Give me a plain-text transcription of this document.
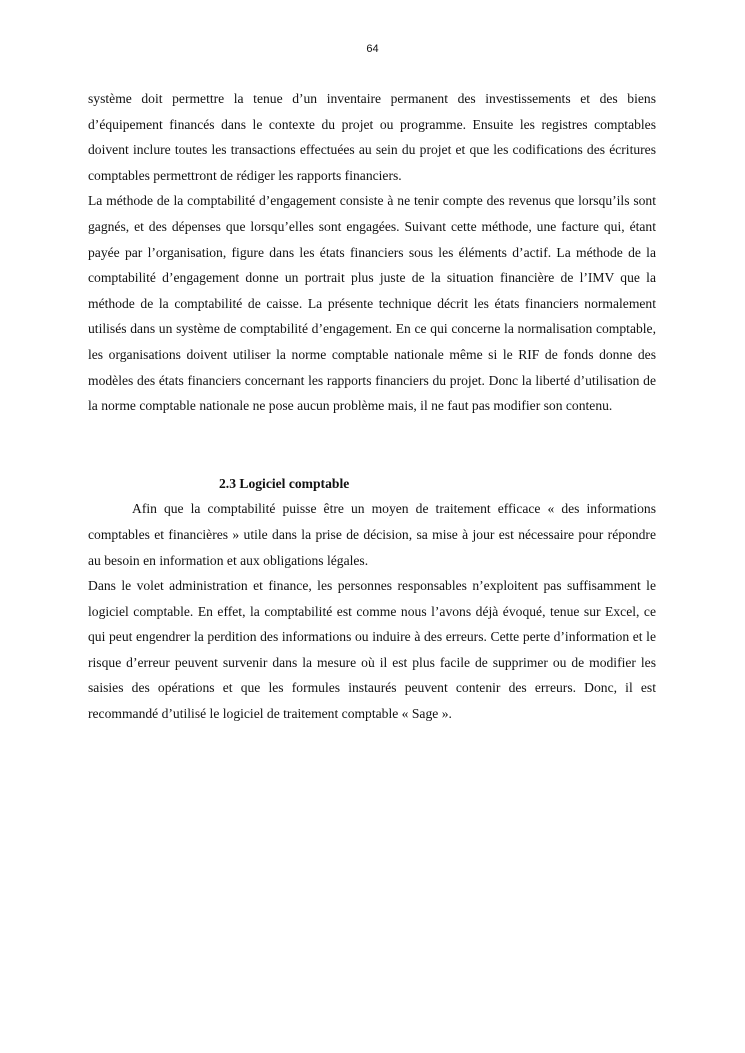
64

système doit permettre la tenue d’un inventaire permanent des investissements et des biens d’équipement financés dans le contexte du projet ou programme. Ensuite les registres comptables doivent inclure toutes les transactions effectuées au sein du projet et que les codifications des écritures comptables permettront de rédiger les rapports financiers.

La méthode de la comptabilité d’engagement consiste à ne tenir compte des revenus que lorsqu’ils sont gagnés, et des dépenses que lorsqu’elles sont engagées. Suivant cette méthode, une facture qui, étant payée par l’organisation, figure dans les états financiers sous les éléments d’actif. La méthode de la comptabilité d’engagement donne un portrait plus juste de la situation financière de l’IMV que la méthode de la comptabilité de caisse. La présente technique décrit les états financiers normalement utilisés dans un système de comptabilité d’engagement. En ce qui concerne la normalisation comptable, les organisations doivent utiliser la norme comptable nationale même si le RIF de fonds donne des modèles des états financiers concernant les rapports financiers du projet. Donc la liberté d’utilisation de la norme comptable nationale ne pose aucun problème mais, il ne faut pas modifier son contenu.

2.3 Logiciel comptable

Afin que la comptabilité puisse être un moyen de traitement efficace « des informations comptables et financières » utile dans la prise de décision, sa mise à jour est nécessaire pour répondre au besoin en information et aux obligations légales.

Dans le volet administration et finance, les personnes responsables n’exploitent pas suffisamment le logiciel comptable. En effet, la comptabilité est comme nous l’avons déjà évoqué, tenue sur Excel, ce qui peut engendrer la perdition des informations ou induire à des erreurs. Cette perte d’information et le risque d’erreur peuvent survenir dans la mesure où il est plus facile de supprimer ou de modifier les saisies des opérations et que les formules instaurés peuvent contenir des erreurs. Donc, il est recommandé d’utilisé le logiciel de traitement comptable « Sage ».
